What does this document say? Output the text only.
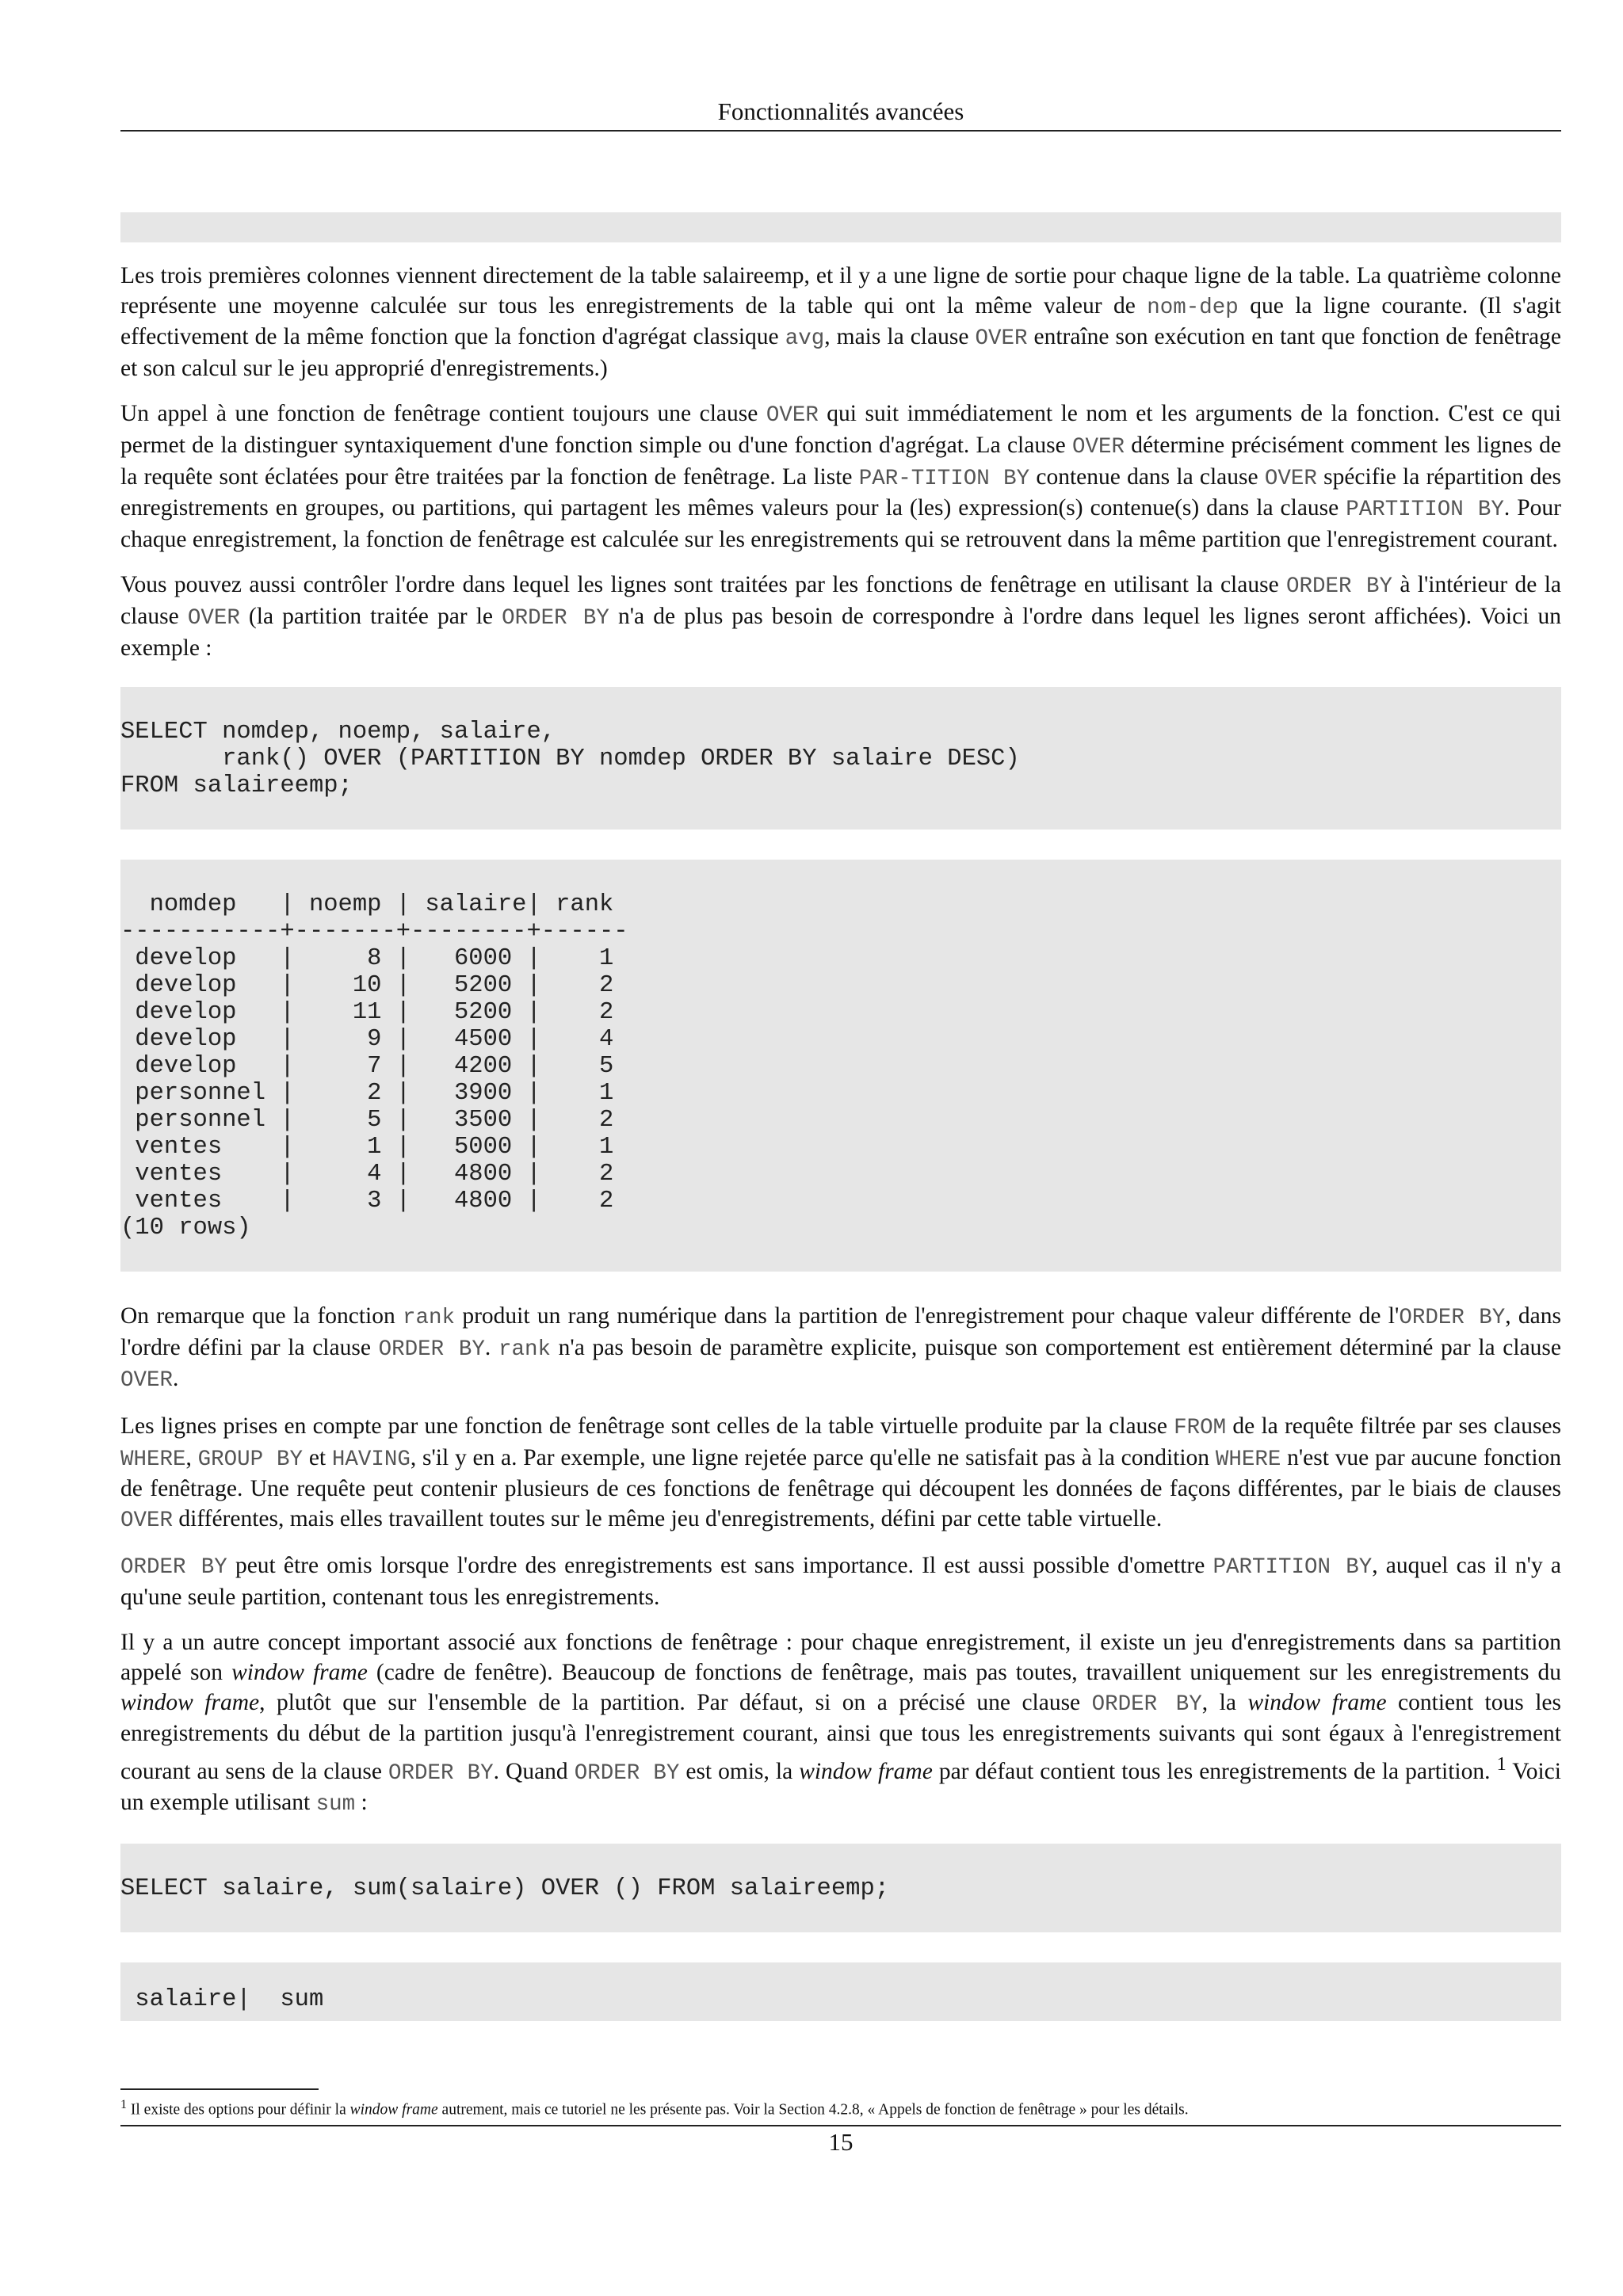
Fonctionnalités avancées

Les trois premières colonnes viennent directement de la table salaireemp, et il y a une ligne de sortie pour chaque ligne de la table. La quatrième colonne représente une moyenne calculée sur tous les enregistrements de la table qui ont la même valeur de nom-dep que la ligne courante. (Il s'agit effectivement de la même fonction que la fonction d'agrégat classique avg, mais la clause OVER entraîne son exécution en tant que fonction de fenêtrage et son calcul sur le jeu approprié d'enregistrements.)

Un appel à une fonction de fenêtrage contient toujours une clause OVER qui suit immédiatement le nom et les arguments de la fonction. C'est ce qui permet de la distinguer syntaxiquement d'une fonction simple ou d'une fonction d'agrégat. La clause OVER détermine précisément comment les lignes de la requête sont éclatées pour être traitées par la fonction de fenêtrage. La liste PAR-TITION BY contenue dans la clause OVER spécifie la répartition des enregistrements en groupes, ou partitions, qui partagent les mêmes valeurs pour la (les) expression(s) contenue(s) dans la clause PARTITION BY. Pour chaque enregistrement, la fonction de fenêtrage est calculée sur les enregistrements qui se retrouvent dans la même partition que l'enregistrement courant.

Vous pouvez aussi contrôler l'ordre dans lequel les lignes sont traitées par les fonctions de fenêtrage en utilisant la clause ORDER BY à l'intérieur de la clause OVER (la partition traitée par le ORDER BY n'a de plus pas besoin de correspondre à l'ordre dans lequel les lignes seront affichées). Voici un exemple :

SELECT nomdep, noemp, salaire,
rank() OVER (PARTITION BY nomdep ORDER BY salaire DESC)
FROM salaireemp;
nomdep   | noemp | salaire| rank
-----------+-------+--------+------
develop   |     8 |   6000 |    1
develop   |    10 |   5200 |    2
develop   |    11 |   5200 |    2
develop   |     9 |   4500 |    4
develop   |     7 |   4200 |    5
personnel |     2 |   3900 |    1
personnel |     5 |   3500 |    2
ventes    |     1 |   5000 |    1
ventes    |     4 |   4800 |    2
ventes    |     3 |   4800 |    2
(10 rows)

On remarque que la fonction rank produit un rang numérique dans la partition de l'enregistrement pour chaque valeur différente de l'ORDER BY, dans l'ordre défini par la clause ORDER BY. rank n'a pas besoin de paramètre explicite, puisque son comportement est entièrement déterminé par la clause OVER.

Les lignes prises en compte par une fonction de fenêtrage sont celles de la table virtuelle produite par la clause FROM de la requête filtrée par ses clauses WHERE, GROUP BY et HAVING, s'il y en a. Par exemple, une ligne rejetée parce qu'elle ne satisfait pas à la condition WHERE n'est vue par aucune fonction de fenêtrage. Une requête peut contenir plusieurs de ces fonctions de fenêtrage qui découpent les données de façons différentes, par le biais de clauses OVER différentes, mais elles travaillent toutes sur le même jeu d'enregistrements, défini par cette table virtuelle.

ORDER BY peut être omis lorsque l'ordre des enregistrements est sans importance. Il est aussi possible d'omettre PARTITION BY, auquel cas il n'y a qu'une seule partition, contenant tous les enregistrements.

Il y a un autre concept important associé aux fonctions de fenêtrage : pour chaque enregistrement, il existe un jeu d'enregistrements dans sa partition appelé son window frame (cadre de fenêtre). Beaucoup de fonctions de fenêtrage, mais pas toutes, travaillent uniquement sur les enregistrements du window frame, plutôt que sur l'ensemble de la partition. Par défaut, si on a précisé une clause ORDER BY, la window frame contient tous les enregistrements du début de la partition jusqu'à l'enregistrement courant, ainsi que tous les enregistrements suivants qui sont égaux à l'enregistrement courant au sens de la clause ORDER BY. Quand ORDER BY est omis, la window frame par défaut contient tous les enregistrements de la partition. $^1$ Voici un exemple utilisant sum :

SELECT salaire, sum(salaire) OVER () FROM salaireemp;
salaire|  sum
$^1$ Il existe des options pour définir la window frame autrement, mais ce tutoriel ne les présente pas. Voir la Section 4.2.8, « Appels de fonction de fenêtrage » pour les détails.
15
